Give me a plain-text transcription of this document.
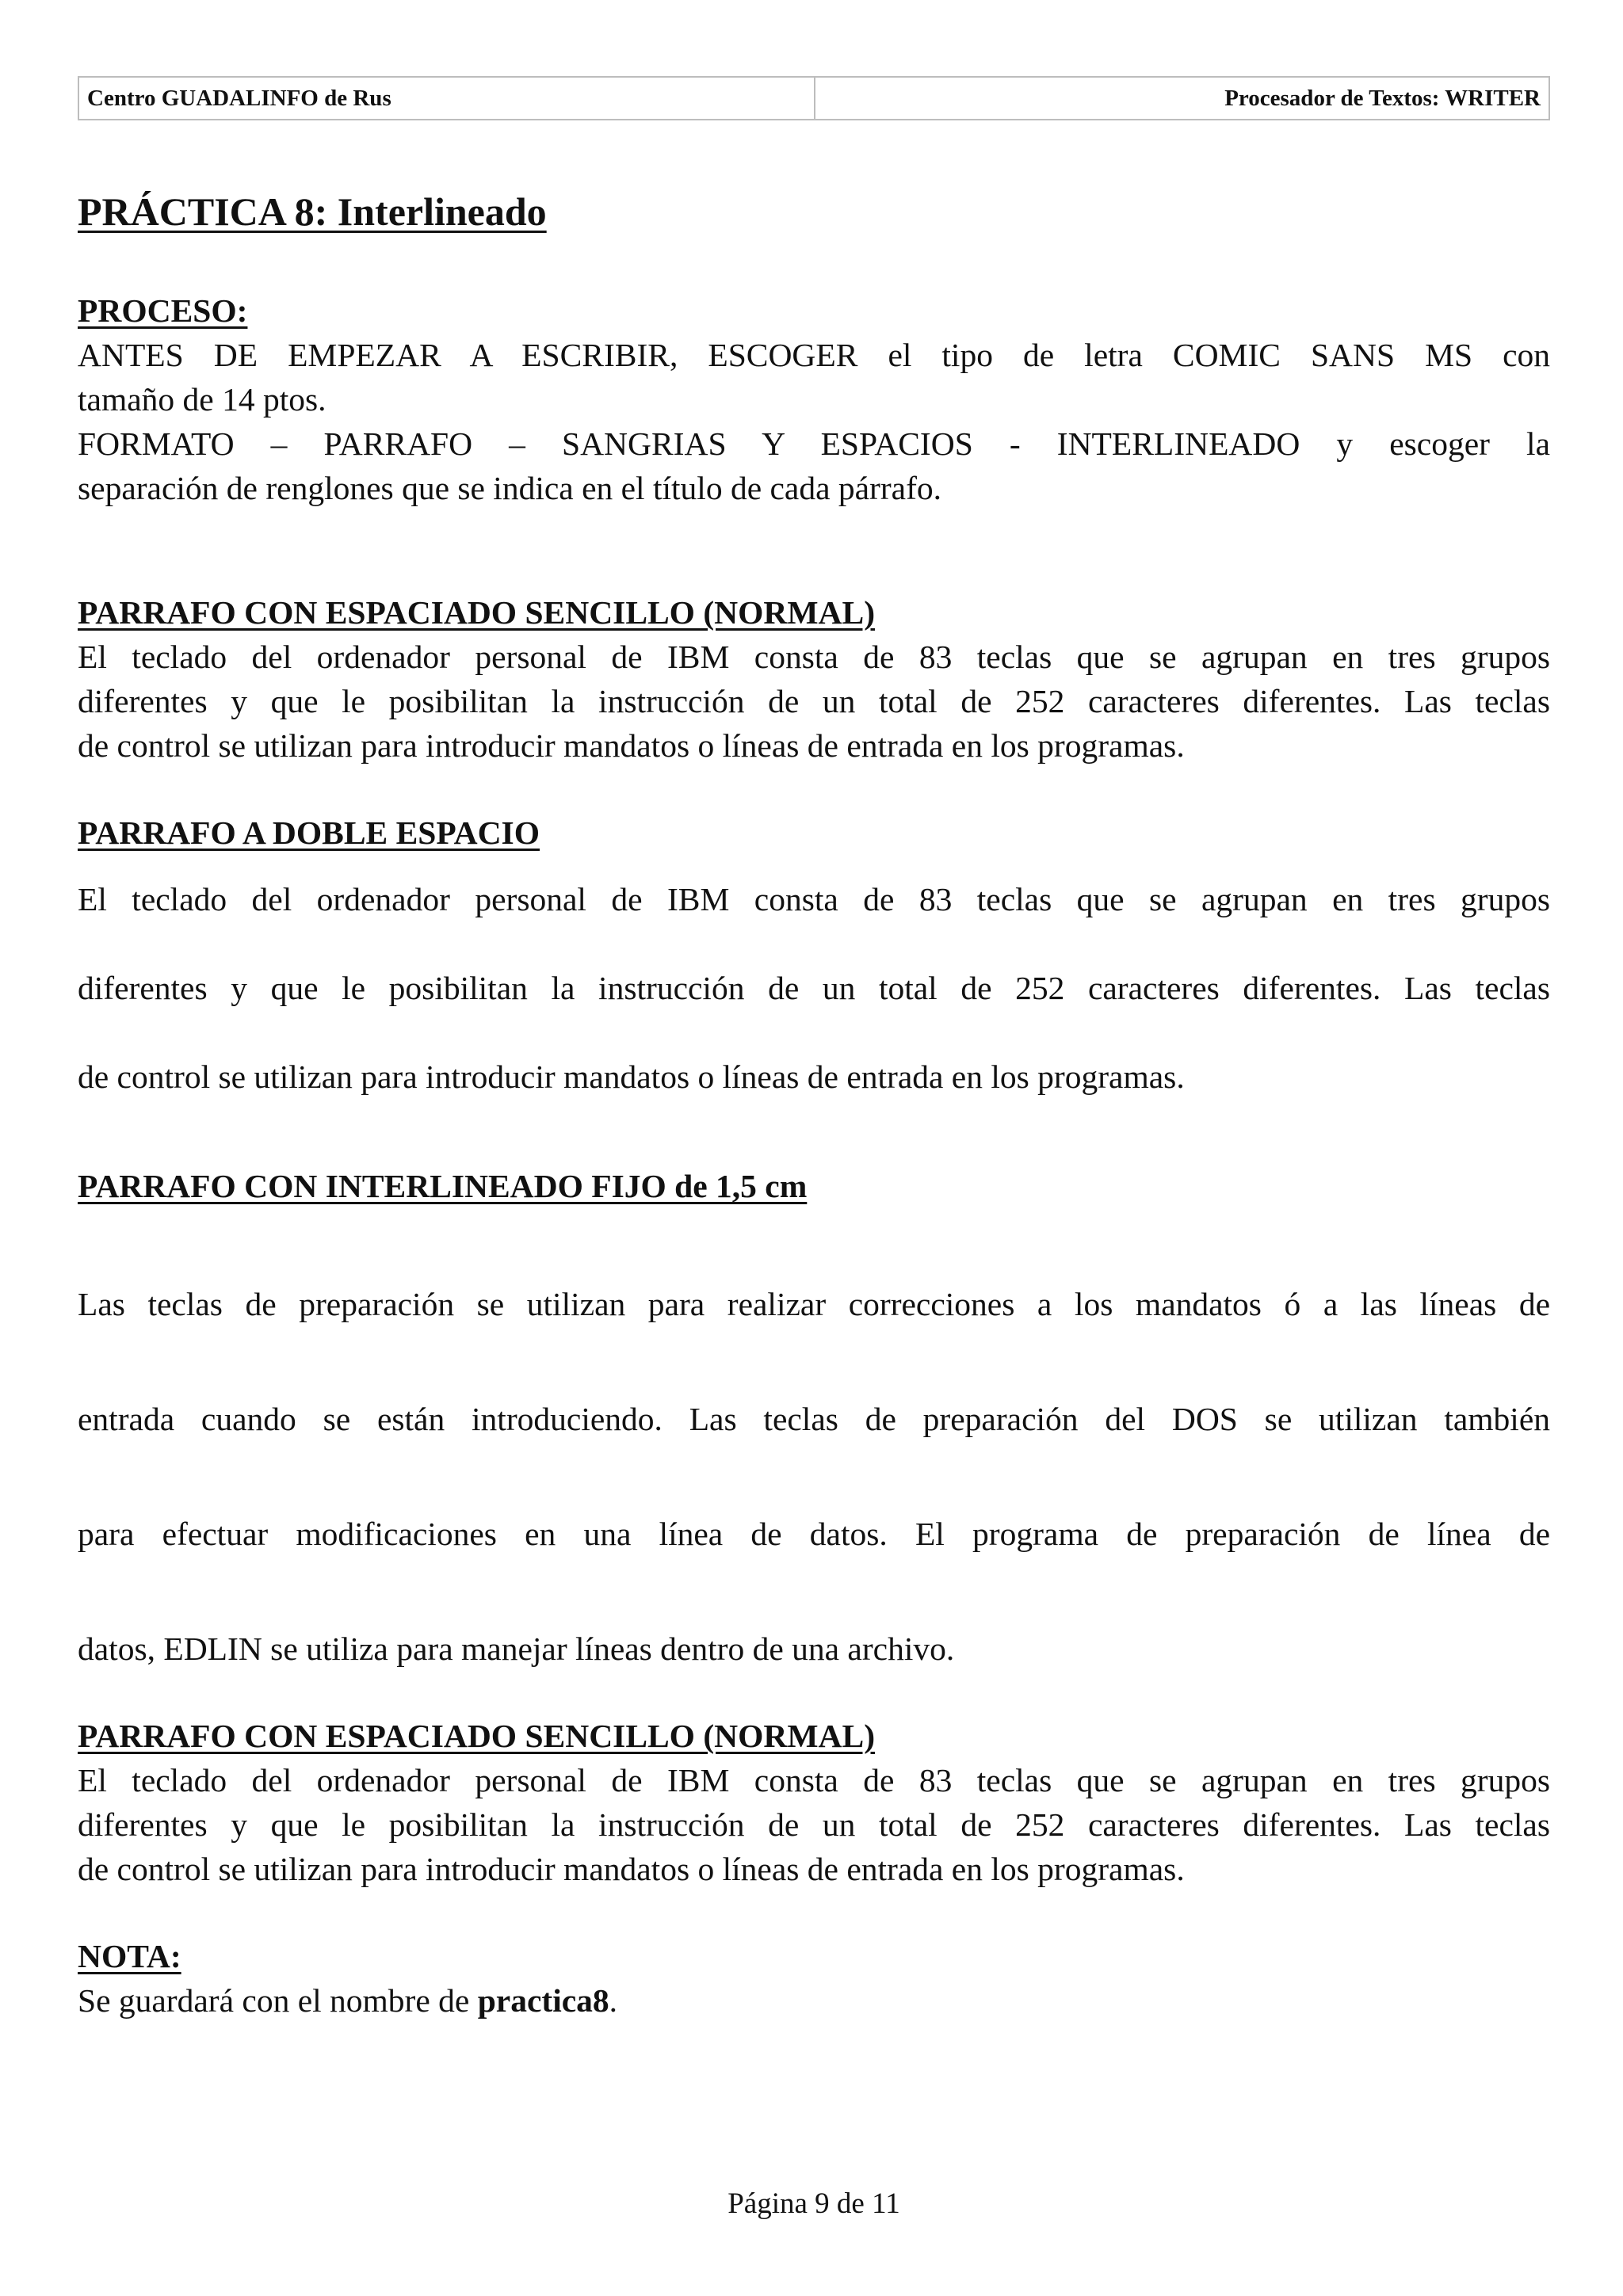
Centro GUADALINFO de Rus	Procesador de Textos: WRITER
PRÁCTICA 8: Interlineado
PROCESO:
ANTES DE EMPEZAR A ESCRIBIR, ESCOGER el tipo de letra COMIC SANS MS con
tamaño de 14 ptos.
FORMATO – PARRAFO – SANGRIAS Y ESPACIOS - INTERLINEADO y escoger la
separación de renglones que se indica en el título de cada párrafo.
PARRAFO CON ESPACIADO SENCILLO (NORMAL)
El teclado del ordenador personal de IBM consta de 83 teclas que se agrupan en tres grupos
diferentes y que le posibilitan la instrucción de un total de 252 caracteres diferentes. Las teclas
de control se utilizan para introducir mandatos o líneas de entrada en los programas.
PARRAFO A DOBLE ESPACIO
El teclado del ordenador personal de IBM consta de 83 teclas que se agrupan en tres grupos
diferentes y que le posibilitan la instrucción de un total de 252 caracteres diferentes. Las teclas
de control se utilizan para introducir mandatos o líneas de entrada en los programas.
PARRAFO CON INTERLINEADO FIJO de 1,5 cm
Las teclas de preparación se utilizan para realizar correcciones a los mandatos ó a las líneas de
entrada cuando se están introduciendo. Las teclas de preparación del DOS se utilizan también
para efectuar modificaciones en una línea de datos. El programa de preparación de línea de
datos, EDLIN se utiliza para manejar líneas dentro de una archivo.
PARRAFO CON ESPACIADO SENCILLO (NORMAL)
El teclado del ordenador personal de IBM consta de 83 teclas que se agrupan en tres grupos
diferentes y que le posibilitan la instrucción de un total de 252 caracteres diferentes. Las teclas
de control se utilizan para introducir mandatos o líneas de entrada en los programas.
NOTA:
Se guardará con el nombre de practica8.
Página 9 de 11
